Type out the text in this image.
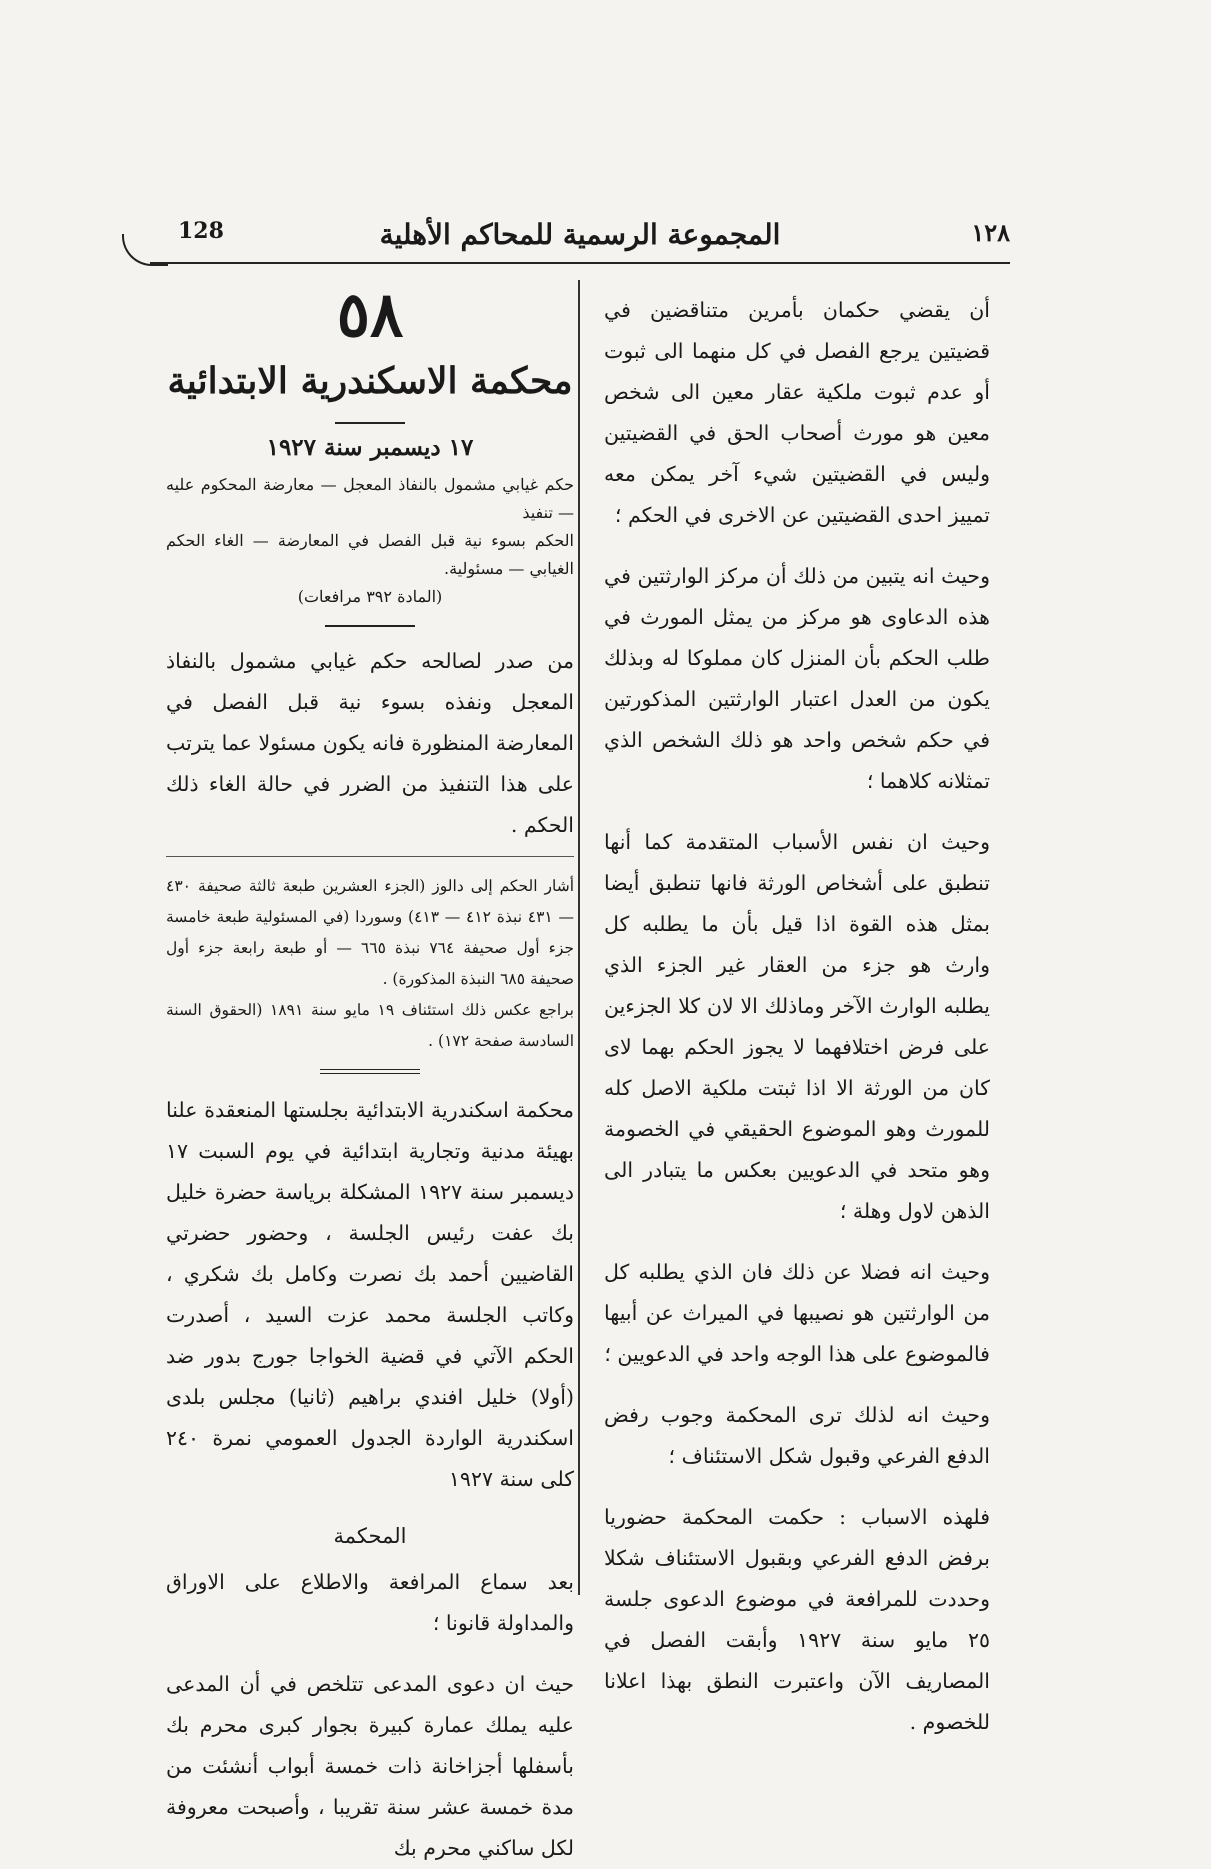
128	المجموعة الرسمية للمحاكم الأهلية	١٢٨

٥٨

محكمة الاسكندرية الابتدائية

١٧ ديسمبر سنة ١٩٢٧

حكم غيابي مشمول بالنفاذ المعجل — معارضة المحكوم عليه — تنفيذ

الحكم بسوء نية قبل الفصل في المعارضة — الغاء الحكم الغيابي — مسئولية.

(المادة ٣٩٢ مرافعات)

من صدر لصالحه حكم غيابي مشمول بالنفاذ المعجل ونفذه بسوء نية قبل الفصل في المعارضة المنظورة فانه يكون مسئولا عما يترتب على هذا التنفيذ من الضرر في حالة الغاء ذلك الحكم .

أشار الحكم إلى دالوز (الجزء العشرين طبعة ثالثة صحيفة ٤٣٠ — ٤٣١ نبذة ٤١٢ — ٤١٣) وسوردا (في المسئولية طبعة خامسة جزء أول صحيفة ٧٦٤ نبذة ٦٦٥ — أو طبعة رابعة جزء أول صحيفة ٦٨٥ النبذة المذكورة) .

براجع عكس ذلك استئناف ١٩ مايو سنة ١٨٩١ (الحقوق السنة السادسة صفحة ١٧٢) .

محكمة اسكندرية الابتدائية بجلستها المنعقدة علنا بهيئة مدنية وتجارية ابتدائية في يوم السبت ١٧ ديسمبر سنة ١٩٢٧ المشكلة برياسة حضرة خليل بك عفت رئيس الجلسة ، وحضور حضرتي القاضيين أحمد بك نصرت وكامل بك شكري ، وكاتب الجلسة محمد عزت السيد ، أصدرت الحكم الآتي في قضية الخواجا جورج بدور ضد (أولا) خليل افندي براهيم (ثانيا) مجلس بلدى اسكندرية الواردة الجدول العمومي نمرة ٢٤٠ كلى سنة ١٩٢٧

المحكمة

بعد سماع المرافعة والاطلاع على الاوراق والمداولة قانونا ؛

حيث ان دعوى المدعى تتلخص في أن المدعى عليه يملك عمارة كبيرة بجوار كبرى محرم بك بأسفلها أجزاخانة ذات خمسة أبواب أنشئت من مدة خمسة عشر سنة تقريبا ، وأصبحت معروفة لكل ساكني محرم بك

أن يقضي حكمان بأمرين متناقضين في قضيتين يرجع الفصل في كل منهما الى ثبوت أو عدم ثبوت ملكية عقار معين الى شخص معين هو مورث أصحاب الحق في القضيتين وليس في القضيتين شيء آخر يمكن معه تمييز احدى القضيتين عن الاخرى في الحكم ؛

وحيث انه يتبين من ذلك أن مركز الوارثتين في هذه الدعاوى هو مركز من يمثل المورث في طلب الحكم بأن المنزل كان مملوكا له وبذلك يكون من العدل اعتبار الوارثتين المذكورتين في حكم شخص واحد هو ذلك الشخص الذي تمثلانه كلاهما ؛

وحيث ان نفس الأسباب المتقدمة كما أنها تنطبق على أشخاص الورثة فانها تنطبق أيضا بمثل هذه القوة اذا قيل بأن ما يطلبه كل وارث هو جزء من العقار غير الجزء الذي يطلبه الوارث الآخر وماذلك الا لان كلا الجزءين على فرض اختلافهما لا يجوز الحكم بهما لاى كان من الورثة الا اذا ثبتت ملكية الاصل كله للمورث وهو الموضوع الحقيقي في الخصومة وهو متحد في الدعويين بعكس ما يتبادر الى الذهن لاول وهلة ؛

وحيث انه فضلا عن ذلك فان الذي يطلبه كل من الوارثتين هو نصيبها في الميراث عن أبيها فالموضوع على هذا الوجه واحد في الدعويين ؛

وحيث انه لذلك ترى المحكمة وجوب رفض الدفع الفرعي وقبول شكل الاستئناف ؛

فلهذه الاسباب : حكمت المحكمة حضوريا برفض الدفع الفرعي وبقبول الاستئناف شكلا وحددت للمرافعة في موضوع الدعوى جلسة ٢٥ مايو سنة ١٩٢٧ وأبقت الفصل في المصاريف الآن واعتبرت النطق بهذا اعلانا للخصوم .
